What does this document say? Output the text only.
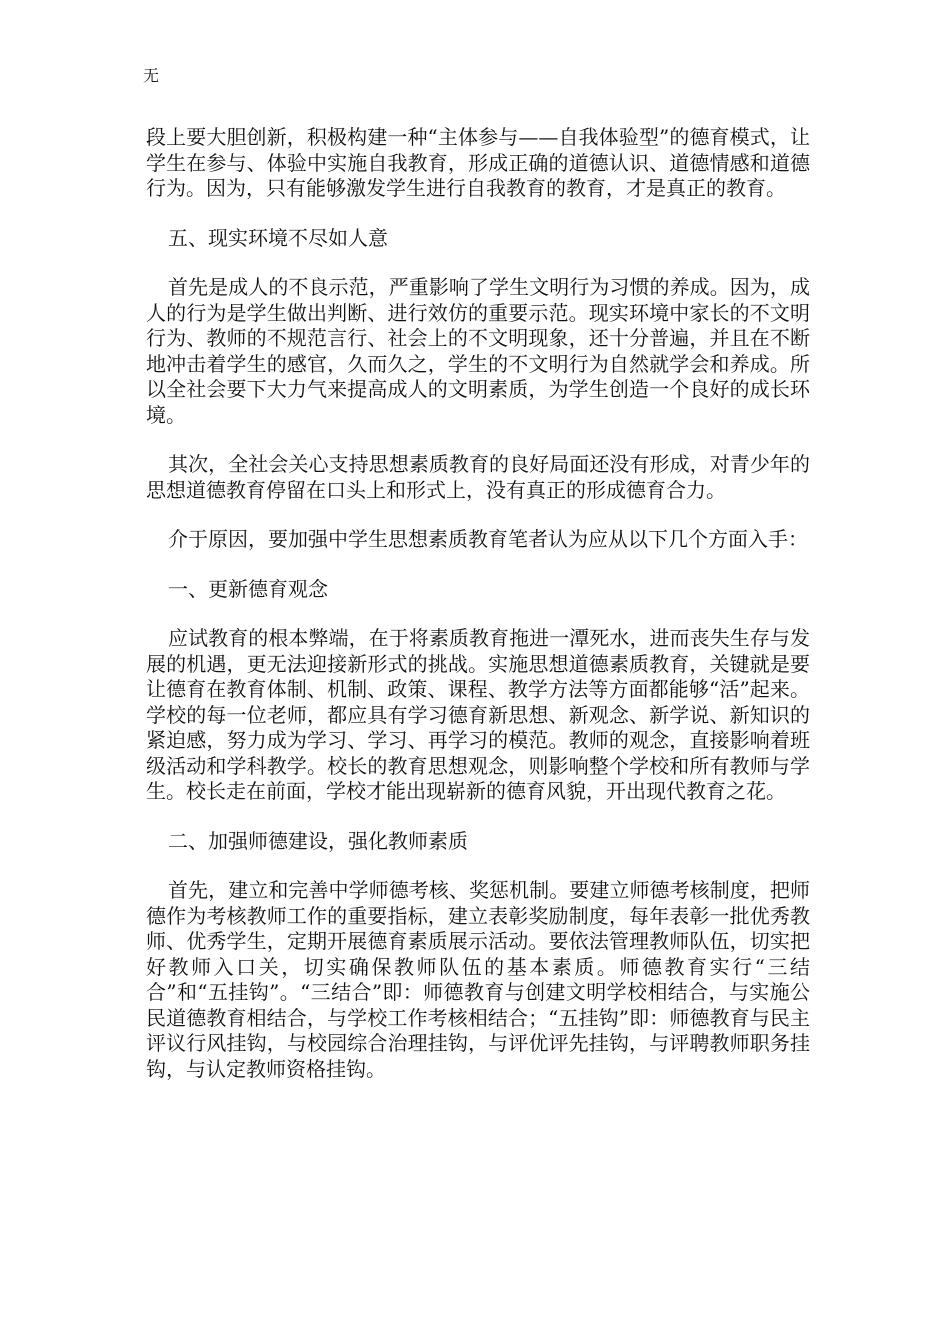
无

段上要大胆创新，积极构建一种“主体参与——自我体验型”的德育模式，让学生在参与、体验中实施自我教育，形成正确的道德认识、道德情感和道德行为。因为，只有能够激发学生进行自我教育的教育，才是真正的教育。

五、现实环境不尽如人意

首先是成人的不良示范，严重影响了学生文明行为习惯的养成。因为，成人的行为是学生做出判断、进行效仿的重要示范。现实环境中家长的不文明行为、教师的不规范言行、社会上的不文明现象，还十分普遍，并且在不断地冲击着学生的感官，久而久之，学生的不文明行为自然就学会和养成。所以全社会要下大力气来提高成人的文明素质，为学生创造一个良好的成长环境。

其次，全社会关心支持思想素质教育的良好局面还没有形成，对青少年的思想道德教育停留在口头上和形式上，没有真正的形成德育合力。

介于原因，要加强中学生思想素质教育笔者认为应从以下几个方面入手：

一、更新德育观念

应试教育的根本弊端，在于将素质教育拖进一潭死水，进而丧失生存与发展的机遇，更无法迎接新形式的挑战。实施思想道德素质教育，关键就是要让德育在教育体制、机制、政策、课程、教学方法等方面都能够“活”起来。学校的每一位老师，都应具有学习德育新思想、新观念、新学说、新知识的紧迫感，努力成为学习、学习、再学习的模范。教师的观念，直接影响着班级活动和学科教学。校长的教育思想观念，则影响整个学校和所有教师与学生。校长走在前面，学校才能出现崭新的德育风貌，开出现代教育之花。

二、加强师德建设，强化教师素质

首先，建立和完善中学师德考核、奖惩机制。要建立师德考核制度，把师德作为考核教师工作的重要指标，建立表彰奖励制度，每年表彰一批优秀教师、优秀学生，定期开展德育素质展示活动。要依法管理教师队伍，切实把好教师入口关，切实确保教师队伍的基本素质。师德教育实行“三结合”和“五挂钩”。“三结合”即：师德教育与创建文明学校相结合，与实施公民道德教育相结合，与学校工作考核相结合；“五挂钩”即：师德教育与民主评议行风挂钩，与校园综合治理挂钩，与评优评先挂钩，与评聘教师职务挂钩，与认定教师资格挂钩。
